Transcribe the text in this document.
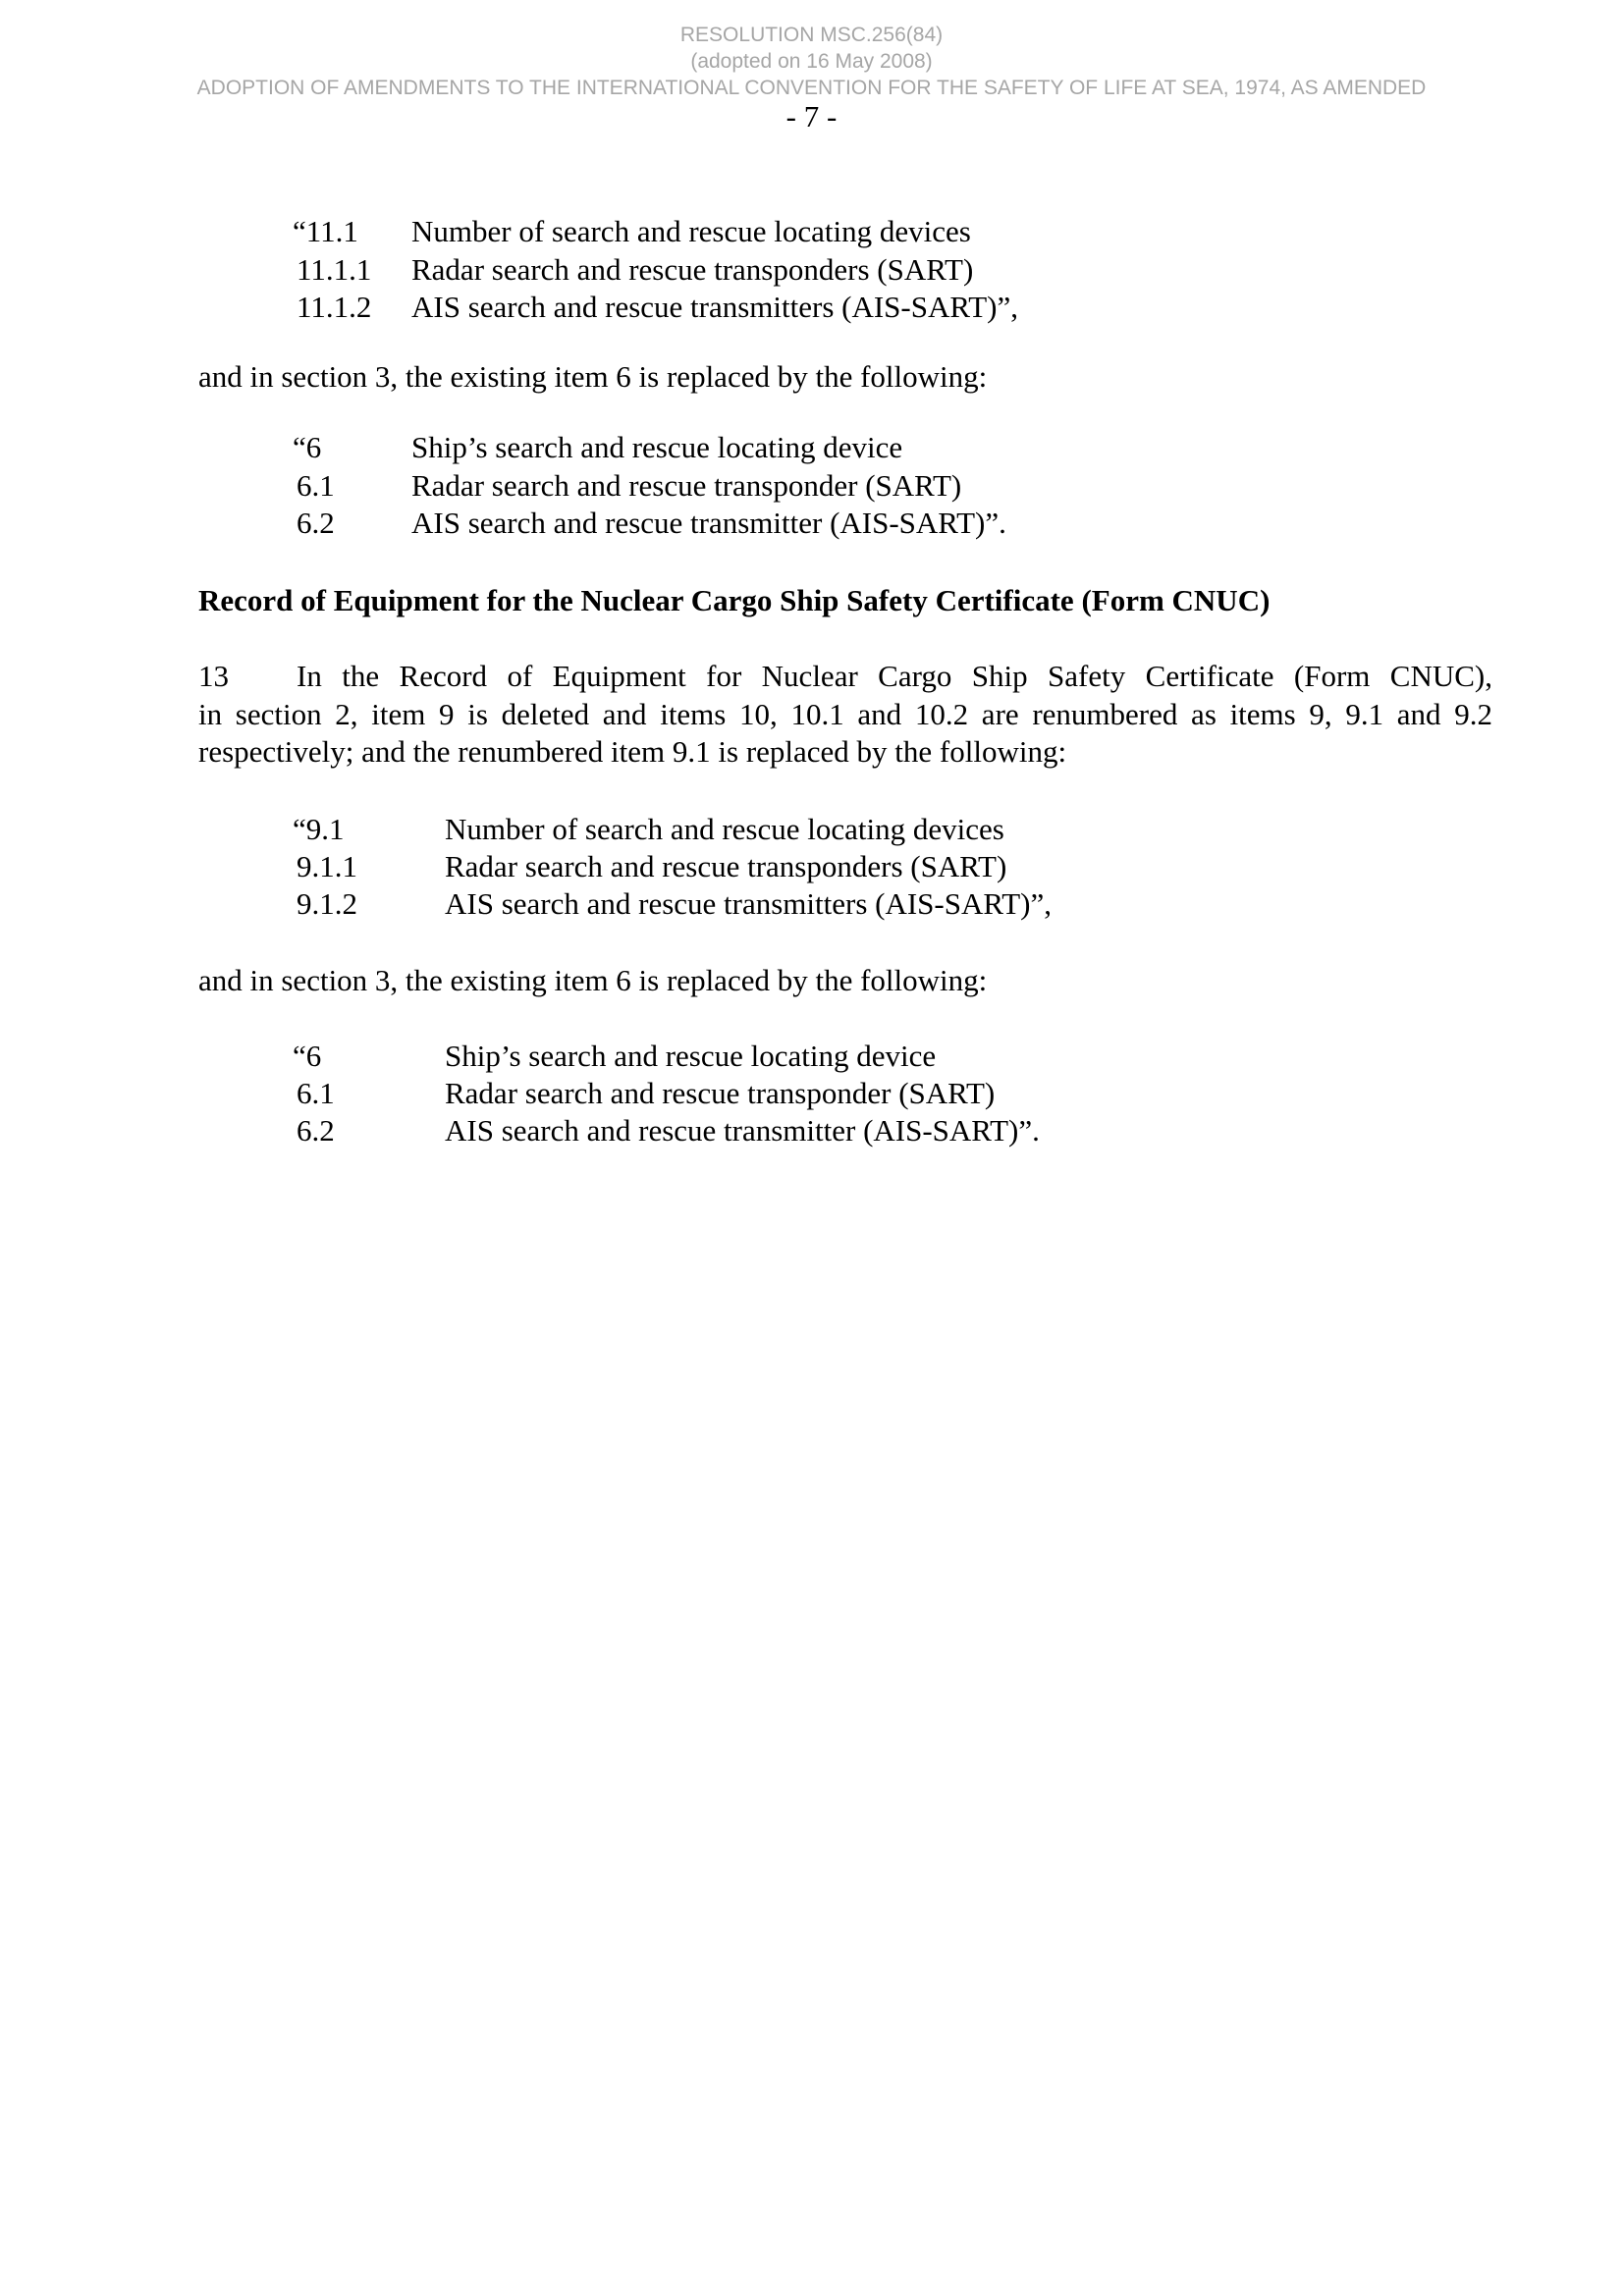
RESOLUTION MSC.256(84)
(adopted on 16 May 2008)
ADOPTION OF AMENDMENTS TO THE INTERNATIONAL CONVENTION FOR THE SAFETY OF LIFE AT SEA, 1974, AS AMENDED
- 7 -
“11.1 Number of search and rescue locating devices
11.1.1 Radar search and rescue transponders (SART)
11.1.2 AIS search and rescue transmitters (AIS-SART)”,
and in section 3, the existing item 6 is replaced by the following:
“6	Ship’s search and rescue locating device
6.1	Radar search and rescue transponder (SART)
6.2	AIS search and rescue transmitter (AIS-SART)”.
Record of Equipment for the Nuclear Cargo Ship Safety Certificate (Form CNUC)
13 In the Record of Equipment for Nuclear Cargo Ship Safety Certificate (Form CNUC),
in section 2, item 9 is deleted and items 10, 10.1 and 10.2 are renumbered as items 9, 9.1 and 9.2
respectively; and the renumbered item 9.1 is replaced by the following:
“9.1	Number of search and rescue locating devices
9.1.1	Radar search and rescue transponders (SART)
9.1.2	AIS search and rescue transmitters (AIS-SART)”,
and in section 3, the existing item 6 is replaced by the following:
“6	Ship’s search and rescue locating device
6.1	Radar search and rescue transponder (SART)
6.2	AIS search and rescue transmitter (AIS-SART)”.
